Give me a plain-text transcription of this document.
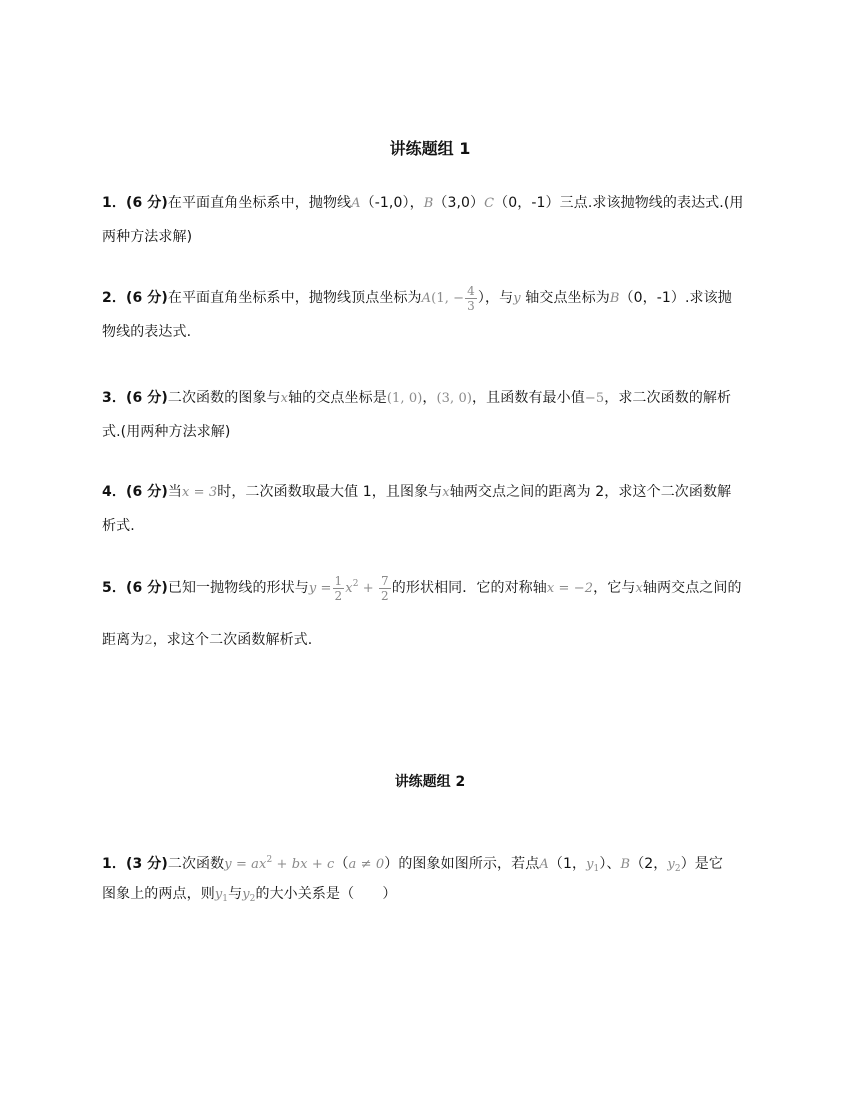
讲练题组 1
1．(6 分)在平面直角坐标系中，抛物线A（-1,0），B（3,0）C（0，-1）三点.求该抛物线的表达式.(用
两种方法求解)
2．(6 分)在平面直角坐标系中，抛物线顶点坐标为A(1, − $\frac{4}{3}$ ），与y 轴交点坐标为B（0，-1）.求该抛
物线的表达式.
3．(6 分)二次函数的图象与x轴的交点坐标是(1, 0)，(3, 0)，且函数有最小值−5，求二次函数的解析
式.(用两种方法求解)
4．(6 分)当x = 3时，二次函数取最大值 1，且图象与x轴两交点之间的距离为 2，求这个二次函数解
析式.
5．(6 分)已知一抛物线的形状与$y = \frac{1}{2} x^2 + \frac{7}{2}$ 的形状相同．它的对称轴x = −2，它与x轴两交点之间的
距离为2，求这个二次函数解析式.
讲练题组 2
1．(3 分)二次函数$y = ax^2$ + bx + c（a ≠ 0）的图象如图所示，若点A（1，$y_1$）、B（2，$y_2$）是它
图象上的两点，则$y_1$与$y_2$的大小关系是（　　）
